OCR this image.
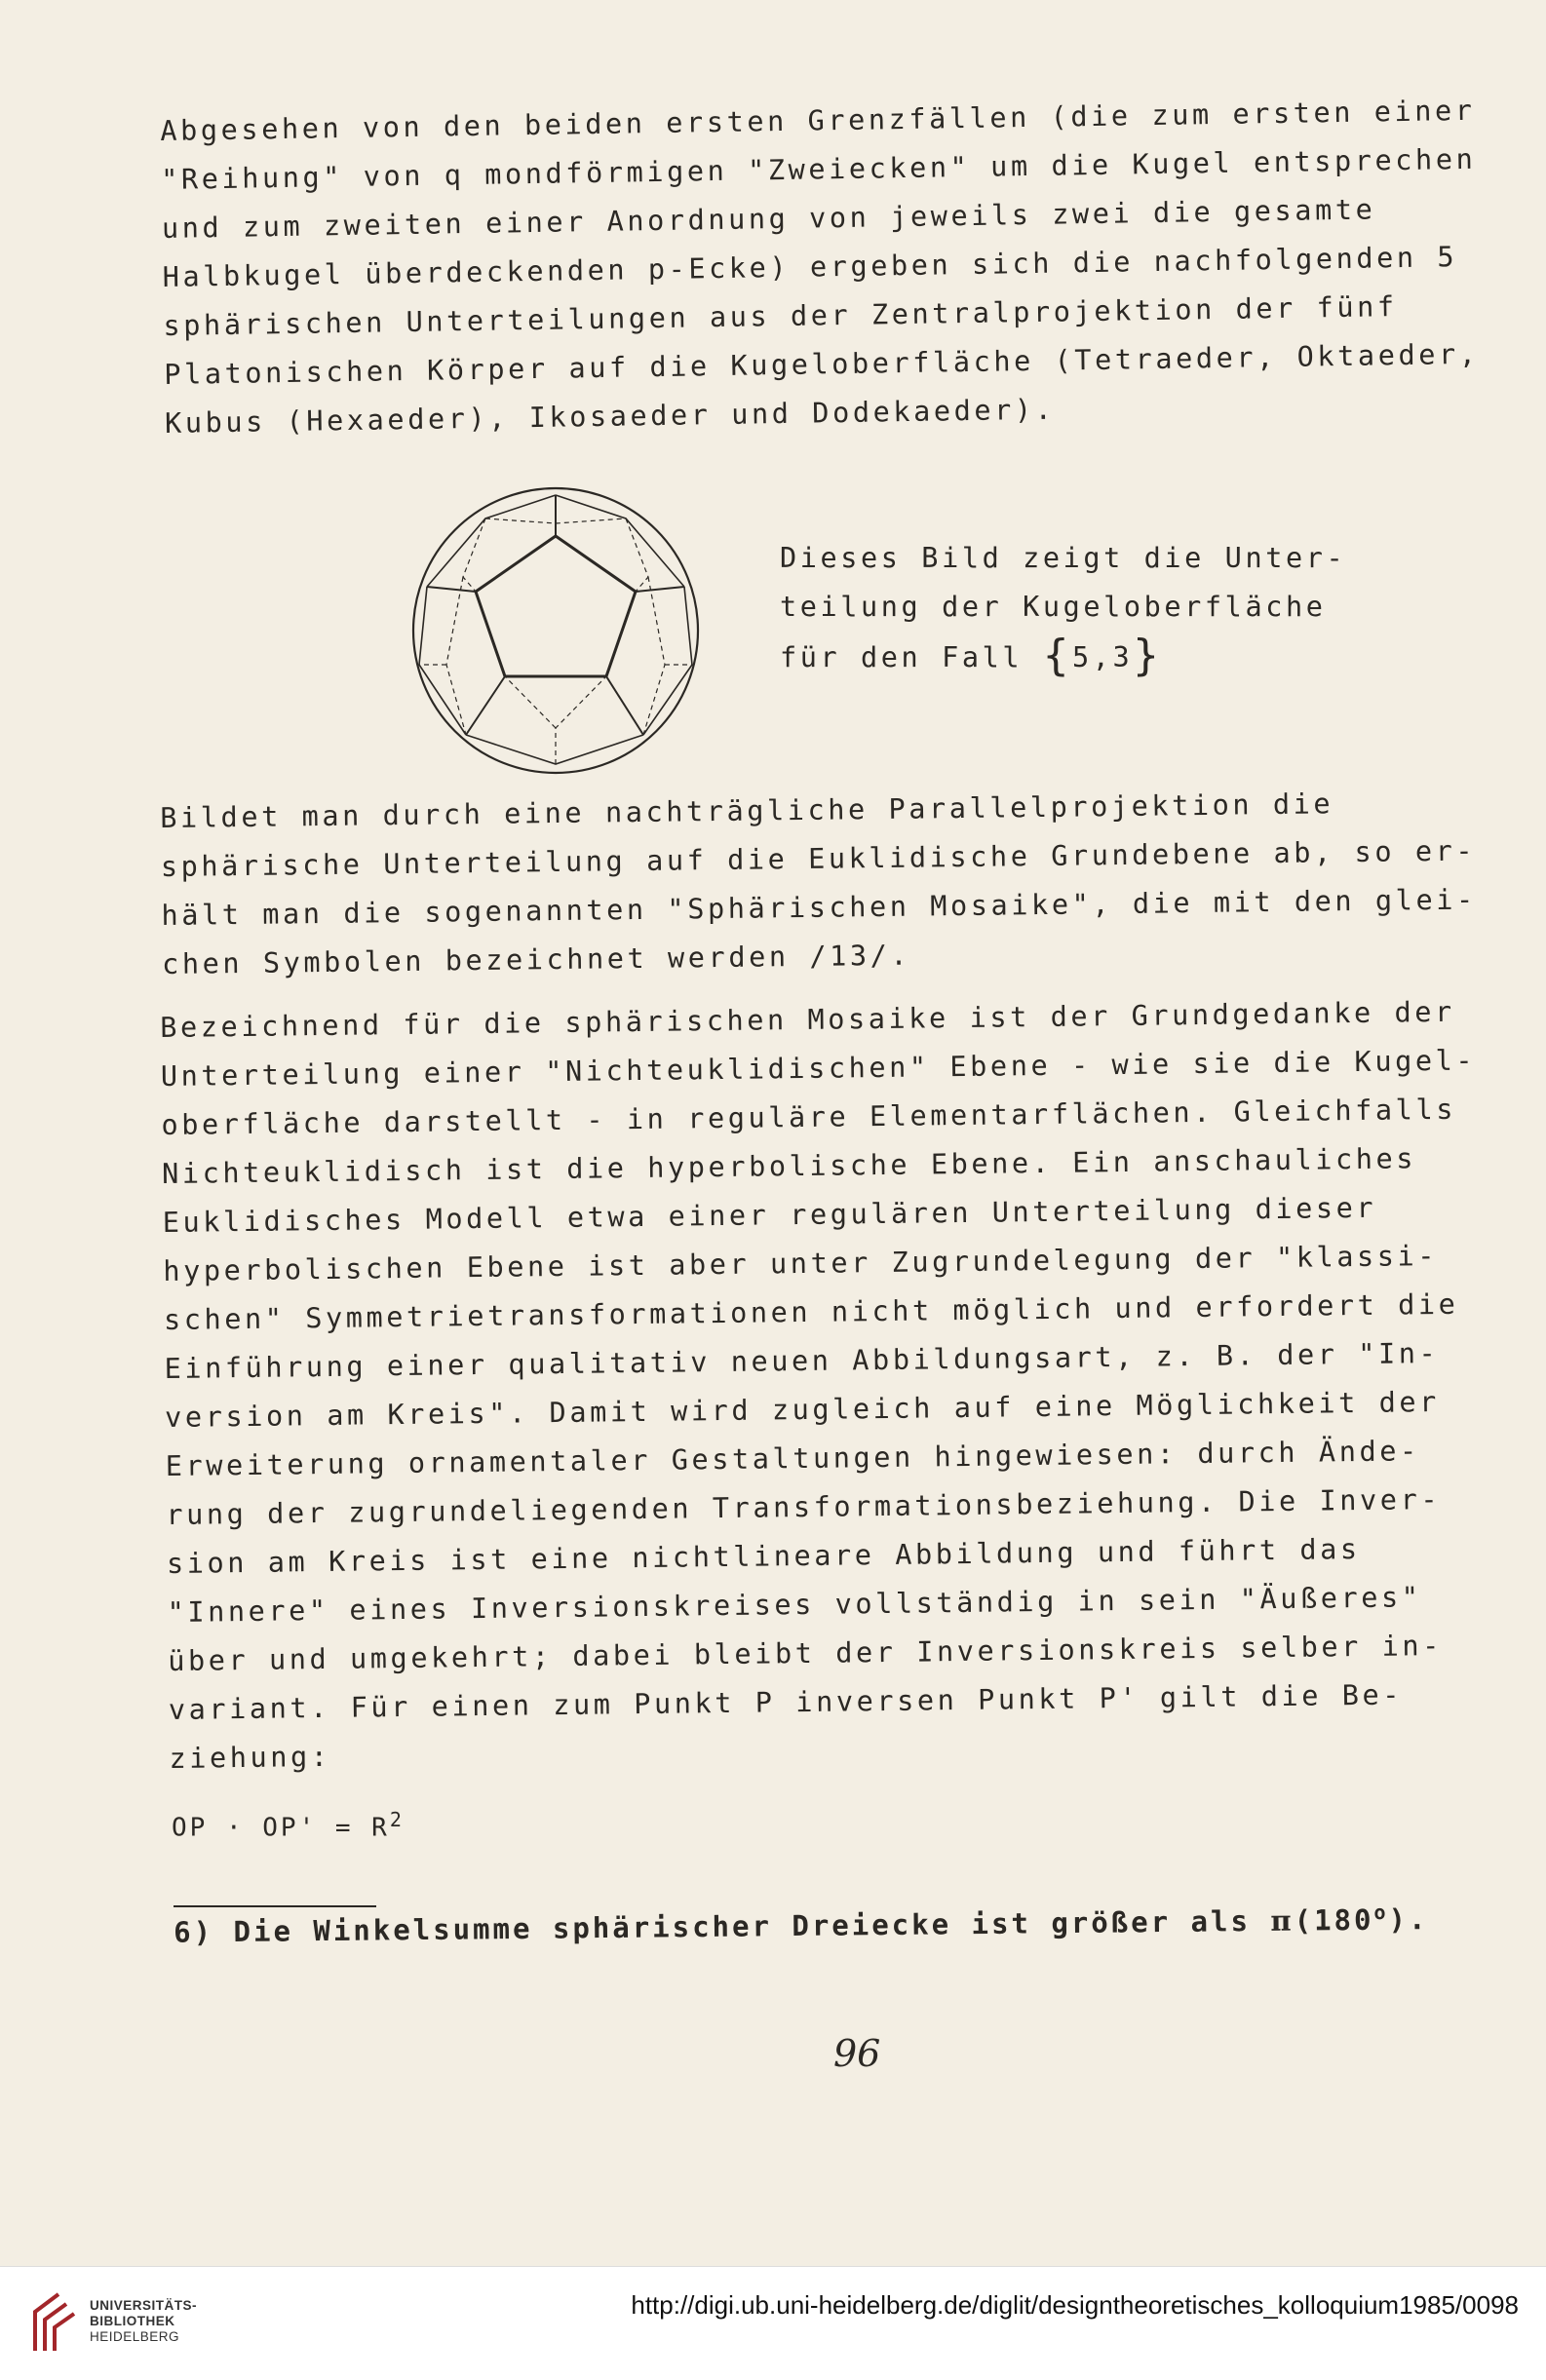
Abgesehen von den beiden ersten Grenzfällen (die zum ersten einer
"Reihung" von q mondförmigen "Zweiecken" um die Kugel entsprechen
und zum zweiten einer Anordnung von jeweils zwei die gesamte
Halbkugel überdeckenden p-Ecke) ergeben sich die nachfolgenden 5
sphärischen Unterteilungen aus der Zentralprojektion der fünf
Platonischen Körper auf die Kugeloberfläche (Tetraeder, Oktaeder,
Kubus (Hexaeder), Ikosaeder und Dodekaeder).
Dieses Bild zeigt die Unter-
teilung der Kugeloberfläche
für den Fall {5,3}
Bildet man durch eine nachträgliche Parallelprojektion die
sphärische Unterteilung auf die Euklidische Grundebene ab, so er-
hält man die sogenannten "Sphärischen Mosaike", die mit den glei-
chen Symbolen bezeichnet werden /13/.
Bezeichnend für die sphärischen Mosaike ist der Grundgedanke der
Unterteilung einer "Nichteuklidischen" Ebene - wie sie die Kugel-
oberfläche darstellt - in reguläre Elementarflächen. Gleichfalls
Nichteuklidisch ist die hyperbolische Ebene. Ein anschauliches
Euklidisches Modell etwa einer regulären Unterteilung dieser
hyperbolischen Ebene ist aber unter Zugrundelegung der "klassi-
schen" Symmetrietransformationen nicht möglich und erfordert die
Einführung einer qualitativ neuen Abbildungsart, z. B. der "In-
version am Kreis". Damit wird zugleich auf eine Möglichkeit der
Erweiterung ornamentaler Gestaltungen hingewiesen: durch Ände-
rung der zugrundeliegenden Transformationsbeziehung. Die Inver-
sion am Kreis ist eine nichtlineare Abbildung und führt das
"Innere" eines Inversionskreises vollständig in sein "Äußeres"
über und umgekehrt; dabei bleibt der Inversionskreis selber in-
variant. Für einen zum Punkt P inversen Punkt P' gilt die Be-
ziehung:
OP · $OP' = R^2$
6) Die Winkelsumme sphärischer Dreiecke ist größer als π(180$^o$).
96
UNIVERSITÄTS-
BIBLIOTHEK
HEIDELBERG
http://digi.ub.uni-heidelberg.de/diglit/designtheoretisches_kolloquium1985/0098
